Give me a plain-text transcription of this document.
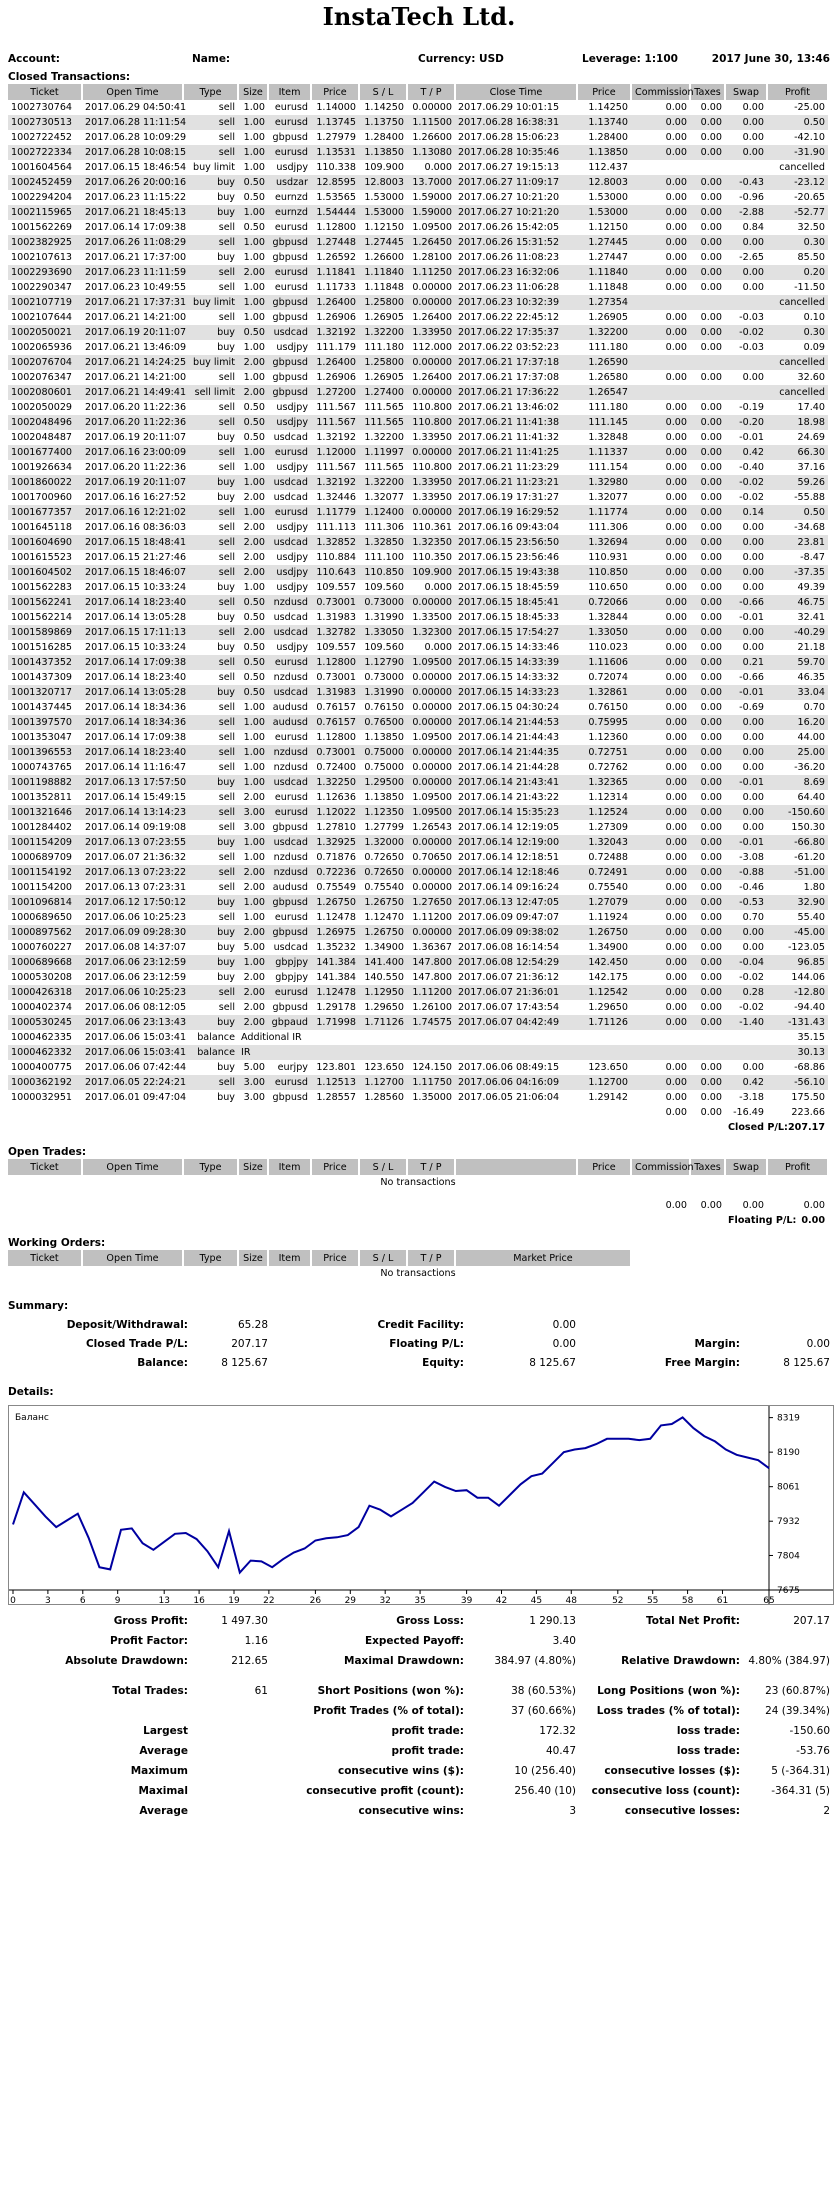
InstaTech Ltd.
Account:	Name:	Currency: USD	Leverage: 1:100	2017 June 30, 13:46
Closed Transactions:
Ticket	Open Time	Type	Size	Item	Price	S / L	T / P	Close Time	Price	Commission	Taxes	Swap	Profit
1002730764	2017.06.29 04:50:41	sell	1.00	eurusd	1.14000	1.14250	0.00000	2017.06.29 10:01:15	1.14250	0.00	0.00	0.00	-25.00
1002730513	2017.06.28 11:11:54	sell	1.00	eurusd	1.13745	1.13750	1.11500	2017.06.28 16:38:31	1.13740	0.00	0.00	0.00	0.50
1002722452	2017.06.28 10:09:29	sell	1.00	gbpusd	1.27979	1.28400	1.26600	2017.06.28 15:06:23	1.28400	0.00	0.00	0.00	-42.10
1002722334	2017.06.28 10:08:15	sell	1.00	eurusd	1.13531	1.13850	1.13080	2017.06.28 10:35:46	1.13850	0.00	0.00	0.00	-31.90
1001604564	2017.06.15 18:46:54	buy limit	1.00	usdjpy	110.338	109.900	0.000	2017.06.27 19:15:13	112.437				cancelled
1002452459	2017.06.26 20:00:16	buy	0.50	usdzar	12.8595	12.8003	13.7000	2017.06.27 11:09:17	12.8003	0.00	0.00	-0.43	-23.12
1002294204	2017.06.23 11:15:22	buy	0.50	eurnzd	1.53565	1.53000	1.59000	2017.06.27 10:21:20	1.53000	0.00	0.00	-0.96	-20.65
1002115965	2017.06.21 18:45:13	buy	1.00	eurnzd	1.54444	1.53000	1.59000	2017.06.27 10:21:20	1.53000	0.00	0.00	-2.88	-52.77
1001562269	2017.06.14 17:09:38	sell	0.50	eurusd	1.12800	1.12150	1.09500	2017.06.26 15:42:05	1.12150	0.00	0.00	0.84	32.50
1002382925	2017.06.26 11:08:29	sell	1.00	gbpusd	1.27448	1.27445	1.26450	2017.06.26 15:31:52	1.27445	0.00	0.00	0.00	0.30
1002107613	2017.06.21 17:37:00	buy	1.00	gbpusd	1.26592	1.26600	1.28100	2017.06.26 11:08:23	1.27447	0.00	0.00	-2.65	85.50
1002293690	2017.06.23 11:11:59	sell	2.00	eurusd	1.11841	1.11840	1.11250	2017.06.23 16:32:06	1.11840	0.00	0.00	0.00	0.20
1002290347	2017.06.23 10:49:55	sell	1.00	eurusd	1.11733	1.11848	0.00000	2017.06.23 11:06:28	1.11848	0.00	0.00	0.00	-11.50
1002107719	2017.06.21 17:37:31	buy limit	1.00	gbpusd	1.26400	1.25800	0.00000	2017.06.23 10:32:39	1.27354				cancelled
1002107644	2017.06.21 14:21:00	sell	1.00	gbpusd	1.26906	1.26905	1.26400	2017.06.22 22:45:12	1.26905	0.00	0.00	-0.03	0.10
1002050021	2017.06.19 20:11:07	buy	0.50	usdcad	1.32192	1.32200	1.33950	2017.06.22 17:35:37	1.32200	0.00	0.00	-0.02	0.30
1002065936	2017.06.21 13:46:09	buy	1.00	usdjpy	111.179	111.180	112.000	2017.06.22 03:52:23	111.180	0.00	0.00	-0.03	0.09
1002076704	2017.06.21 14:24:25	buy limit	2.00	gbpusd	1.26400	1.25800	0.00000	2017.06.21 17:37:18	1.26590				cancelled
1002076347	2017.06.21 14:21:00	sell	1.00	gbpusd	1.26906	1.26905	1.26400	2017.06.21 17:37:08	1.26580	0.00	0.00	0.00	32.60
1002080601	2017.06.21 14:49:41	sell limit	2.00	gbpusd	1.27200	1.27400	0.00000	2017.06.21 17:36:22	1.26547				cancelled
1002050029	2017.06.20 11:22:36	sell	0.50	usdjpy	111.567	111.565	110.800	2017.06.21 13:46:02	111.180	0.00	0.00	-0.19	17.40
1002048496	2017.06.20 11:22:36	sell	0.50	usdjpy	111.567	111.565	110.800	2017.06.21 11:41:38	111.145	0.00	0.00	-0.20	18.98
1002048487	2017.06.19 20:11:07	buy	0.50	usdcad	1.32192	1.32200	1.33950	2017.06.21 11:41:32	1.32848	0.00	0.00	-0.01	24.69
1001677400	2017.06.16 23:00:09	sell	1.00	eurusd	1.12000	1.11997	0.00000	2017.06.21 11:41:25	1.11337	0.00	0.00	0.42	66.30
1001926634	2017.06.20 11:22:36	sell	1.00	usdjpy	111.567	111.565	110.800	2017.06.21 11:23:29	111.154	0.00	0.00	-0.40	37.16
1001860022	2017.06.19 20:11:07	buy	1.00	usdcad	1.32192	1.32200	1.33950	2017.06.21 11:23:21	1.32980	0.00	0.00	-0.02	59.26
1001700960	2017.06.16 16:27:52	buy	2.00	usdcad	1.32446	1.32077	1.33950	2017.06.19 17:31:27	1.32077	0.00	0.00	-0.02	-55.88
1001677357	2017.06.16 12:21:02	sell	1.00	eurusd	1.11779	1.12400	0.00000	2017.06.19 16:29:52	1.11774	0.00	0.00	0.14	0.50
1001645118	2017.06.16 08:36:03	sell	2.00	usdjpy	111.113	111.306	110.361	2017.06.16 09:43:04	111.306	0.00	0.00	0.00	-34.68
1001604690	2017.06.15 18:48:41	sell	2.00	usdcad	1.32852	1.32850	1.32350	2017.06.15 23:56:50	1.32694	0.00	0.00	0.00	23.81
1001615523	2017.06.15 21:27:46	sell	2.00	usdjpy	110.884	111.100	110.350	2017.06.15 23:56:46	110.931	0.00	0.00	0.00	-8.47
1001604502	2017.06.15 18:46:07	sell	2.00	usdjpy	110.643	110.850	109.900	2017.06.15 19:43:38	110.850	0.00	0.00	0.00	-37.35
1001562283	2017.06.15 10:33:24	buy	1.00	usdjpy	109.557	109.560	0.000	2017.06.15 18:45:59	110.650	0.00	0.00	0.00	49.39
1001562241	2017.06.14 18:23:40	sell	0.50	nzdusd	0.73001	0.73000	0.00000	2017.06.15 18:45:41	0.72066	0.00	0.00	-0.66	46.75
1001562214	2017.06.14 13:05:28	buy	0.50	usdcad	1.31983	1.31990	1.33500	2017.06.15 18:45:33	1.32844	0.00	0.00	-0.01	32.41
1001589869	2017.06.15 17:11:13	sell	2.00	usdcad	1.32782	1.33050	1.32300	2017.06.15 17:54:27	1.33050	0.00	0.00	0.00	-40.29
1001516285	2017.06.15 10:33:24	buy	0.50	usdjpy	109.557	109.560	0.000	2017.06.15 14:33:46	110.023	0.00	0.00	0.00	21.18
1001437352	2017.06.14 17:09:38	sell	0.50	eurusd	1.12800	1.12790	1.09500	2017.06.15 14:33:39	1.11606	0.00	0.00	0.21	59.70
1001437309	2017.06.14 18:23:40	sell	0.50	nzdusd	0.73001	0.73000	0.00000	2017.06.15 14:33:32	0.72074	0.00	0.00	-0.66	46.35
1001320717	2017.06.14 13:05:28	buy	0.50	usdcad	1.31983	1.31990	0.00000	2017.06.15 14:33:23	1.32861	0.00	0.00	-0.01	33.04
1001437445	2017.06.14 18:34:36	sell	1.00	audusd	0.76157	0.76150	0.00000	2017.06.15 04:30:24	0.76150	0.00	0.00	-0.69	0.70
1001397570	2017.06.14 18:34:36	sell	1.00	audusd	0.76157	0.76500	0.00000	2017.06.14 21:44:53	0.75995	0.00	0.00	0.00	16.20
1001353047	2017.06.14 17:09:38	sell	1.00	eurusd	1.12800	1.13850	1.09500	2017.06.14 21:44:43	1.12360	0.00	0.00	0.00	44.00
1001396553	2017.06.14 18:23:40	sell	1.00	nzdusd	0.73001	0.75000	0.00000	2017.06.14 21:44:35	0.72751	0.00	0.00	0.00	25.00
1000743765	2017.06.14 11:16:47	sell	1.00	nzdusd	0.72400	0.75000	0.00000	2017.06.14 21:44:28	0.72762	0.00	0.00	0.00	-36.20
1001198882	2017.06.13 17:57:50	buy	1.00	usdcad	1.32250	1.29500	0.00000	2017.06.14 21:43:41	1.32365	0.00	0.00	-0.01	8.69
1001352811	2017.06.14 15:49:15	sell	2.00	eurusd	1.12636	1.13850	1.09500	2017.06.14 21:43:22	1.12314	0.00	0.00	0.00	64.40
1001321646	2017.06.14 13:14:23	sell	3.00	eurusd	1.12022	1.12350	1.09500	2017.06.14 15:35:23	1.12524	0.00	0.00	0.00	-150.60
1001284402	2017.06.14 09:19:08	sell	3.00	gbpusd	1.27810	1.27799	1.26543	2017.06.14 12:19:05	1.27309	0.00	0.00	0.00	150.30
1001154209	2017.06.13 07:23:55	buy	1.00	usdcad	1.32925	1.32000	0.00000	2017.06.14 12:19:00	1.32043	0.00	0.00	-0.01	-66.80
1000689709	2017.06.07 21:36:32	sell	1.00	nzdusd	0.71876	0.72650	0.70650	2017.06.14 12:18:51	0.72488	0.00	0.00	-3.08	-61.20
1001154192	2017.06.13 07:23:22	sell	2.00	nzdusd	0.72236	0.72650	0.00000	2017.06.14 12:18:46	0.72491	0.00	0.00	-0.88	-51.00
1001154200	2017.06.13 07:23:31	sell	2.00	audusd	0.75549	0.75540	0.00000	2017.06.14 09:16:24	0.75540	0.00	0.00	-0.46	1.80
1001096814	2017.06.12 17:50:12	buy	1.00	gbpusd	1.26750	1.26750	1.27650	2017.06.13 12:47:05	1.27079	0.00	0.00	-0.53	32.90
1000689650	2017.06.06 10:25:23	sell	1.00	eurusd	1.12478	1.12470	1.11200	2017.06.09 09:47:07	1.11924	0.00	0.00	0.70	55.40
1000897562	2017.06.09 09:28:30	buy	2.00	gbpusd	1.26975	1.26750	0.00000	2017.06.09 09:38:02	1.26750	0.00	0.00	0.00	-45.00
1000760227	2017.06.08 14:37:07	buy	5.00	usdcad	1.35232	1.34900	1.36367	2017.06.08 16:14:54	1.34900	0.00	0.00	0.00	-123.05
1000689668	2017.06.06 23:12:59	buy	1.00	gbpjpy	141.384	141.400	147.800	2017.06.08 12:54:29	142.450	0.00	0.00	-0.04	96.85
1000530208	2017.06.06 23:12:59	buy	2.00	gbpjpy	141.384	140.550	147.800	2017.06.07 21:36:12	142.175	0.00	0.00	-0.02	144.06
1000426318	2017.06.06 10:25:23	sell	2.00	eurusd	1.12478	1.12950	1.11200	2017.06.07 21:36:01	1.12542	0.00	0.00	0.28	-12.80
1000402374	2017.06.06 08:12:05	sell	2.00	gbpusd	1.29178	1.29650	1.26100	2017.06.07 17:43:54	1.29650	0.00	0.00	-0.02	-94.40
1000530245	2017.06.06 23:13:43	buy	2.00	gbpaud	1.71998	1.71126	1.74575	2017.06.07 04:42:49	1.71126	0.00	0.00	-1.40	-131.43
1000462335	2017.06.06 15:03:41	balance	Additional IR										35.15
1000462332	2017.06.06 15:03:41	balance	IR										30.13
1000400775	2017.06.06 07:42:44	buy	5.00	eurjpy	123.801	123.650	124.150	2017.06.06 08:49:15	123.650	0.00	0.00	0.00	-68.86
1000362192	2017.06.05 22:24:21	sell	3.00	eurusd	1.12513	1.12700	1.11750	2017.06.06 04:16:09	1.12700	0.00	0.00	0.42	-56.10
1000032951	2017.06.01 09:47:04	buy	3.00	gbpusd	1.28557	1.28560	1.35000	2017.06.05 21:06:04	1.29142	0.00	0.00	-3.18	175.50
										0.00	0.00	-16.49	223.66
												Closed P/L:	207.17
Open Trades:
Ticket	Open Time	Type	Size	Item	Price	S / L	T / P		Price	Commission	Taxes	Swap	Profit
No transactions													

										0.00	0.00	0.00	0.00
												Floating P/L:	0.00
Working Orders:
Ticket	Open Time	Type	Size	Item	Price	S / L	T / P	Market Price
No transactions
Summary:
Deposit/Withdrawal:	65.28	Credit Facility:	0.00
Closed Trade P/L:	207.17	Floating P/L:	0.00	Margin:	0.00
Balance:	8 125.67	Equity:	8 125.67	Free Margin:	8 125.67
Details:
8319
8190
8061
7932
7804
7675
0	3	6	9	13	16	19	22	26	29	32	35	39	42	45	48	52	55	58	61	65
Баланс
Gross Profit:	1 497.30	Gross Loss:	1 290.13	Total Net Profit:	207.17
Profit Factor:	1.16	Expected Payoff:	3.40
Absolute Drawdown:	212.65	Maximal Drawdown:	384.97 (4.80%)	Relative Drawdown: 4.80% (384.97)
Total Trades:	61	Short Positions (won %):	38 (60.53%)	Long Positions (won %):	23 (60.87%)
Profit Trades (% of total):	37 (60.66%)	Loss trades (% of total):	24 (39.34%)
Largest	profit trade:	172.32	loss trade:	-150.60
Average	profit trade:	40.47	loss trade:	-53.76
Maximum	consecutive wins ($):	10 (256.40)	consecutive losses ($):	5 (-364.31)
Maximal	consecutive profit (count):	256.40 (10)	consecutive loss (count):	-364.31 (5)
Average	consecutive wins:	3	consecutive losses:	2
